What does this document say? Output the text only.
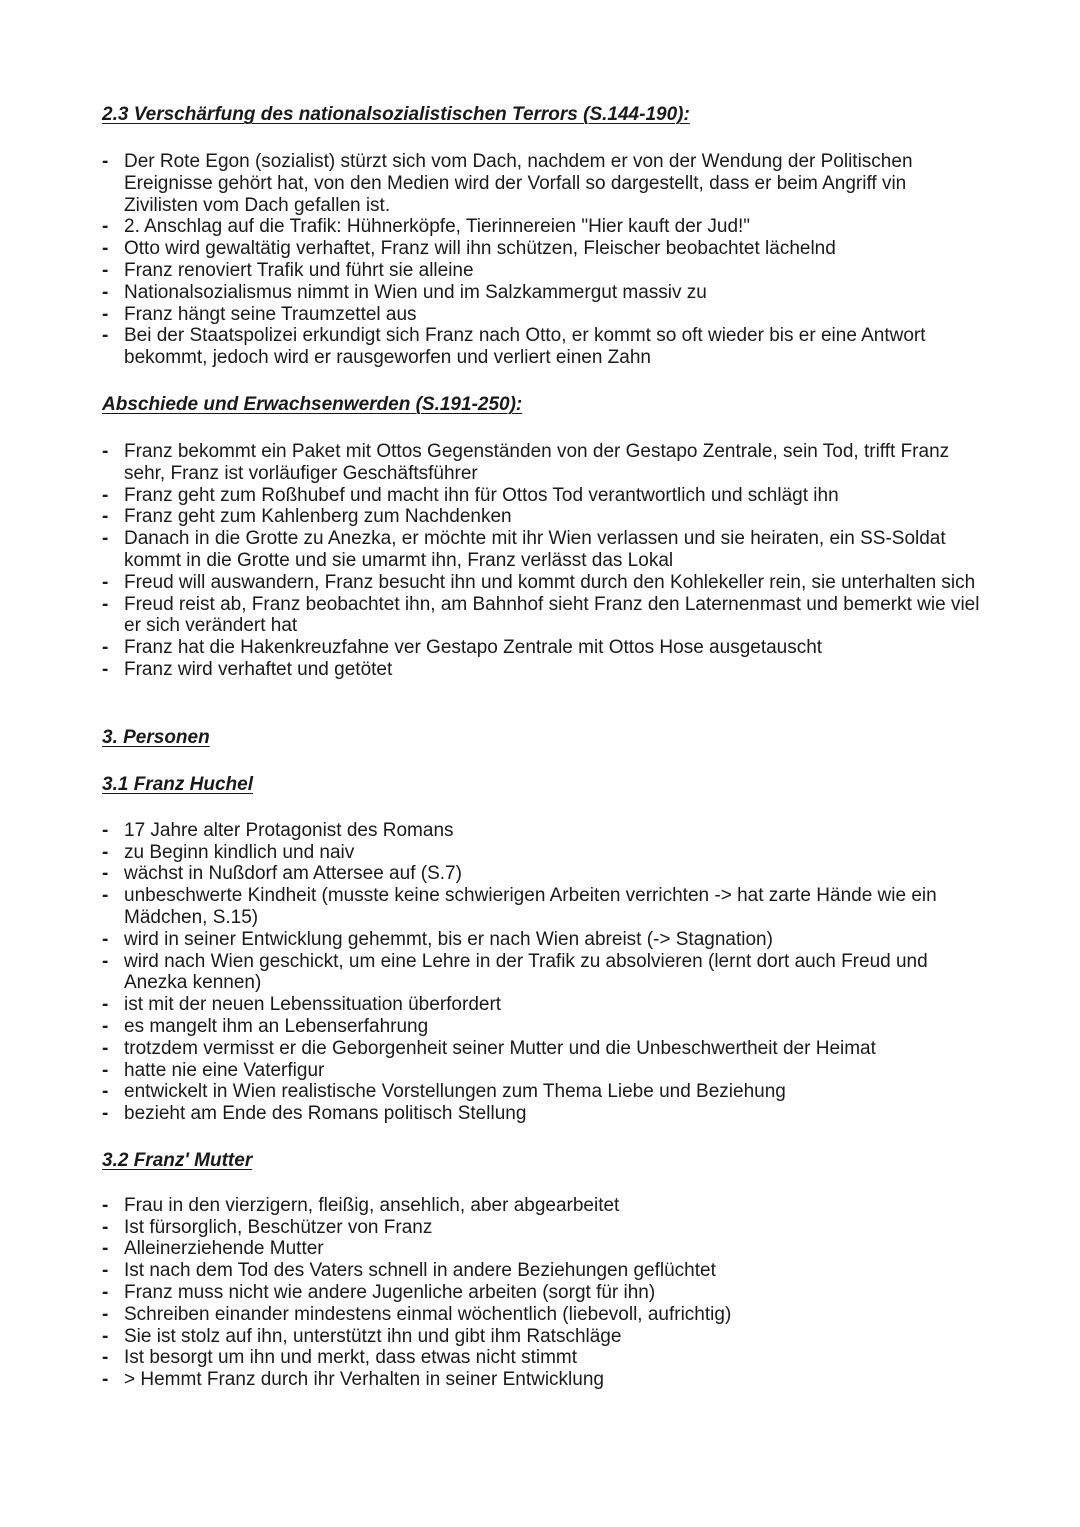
2.3 Verschärfung des nationalsozialistischen Terrors (S.144-190):
- Der Rote Egon (sozialist) stürzt sich vom Dach, nachdem er von der Wendung der Politischen Ereignisse gehört hat, von den Medien wird der Vorfall so dargestellt, dass er beim Angriff vin Zivilisten vom Dach gefallen ist.
- 2. Anschlag auf die Trafik: Hühnerköpfe, Tierinnereien "Hier kauft der Jud!"
- Otto wird gewaltätig verhaftet, Franz will ihn schützen, Fleischer beobachtet lächelnd
- Franz renoviert Trafik und führt sie alleine
- Nationalsozialismus nimmt in Wien und im Salzkammergut massiv zu
- Franz hängt seine Traumzettel aus
- Bei der Staatspolizei erkundigt sich Franz nach Otto, er kommt so oft wieder bis er eine Antwort bekommt, jedoch wird er rausgeworfen und verliert einen Zahn
Abschiede und Erwachsenwerden (S.191-250):
- Franz bekommt ein Paket mit Ottos Gegenständen von der Gestapo Zentrale, sein Tod, trifft Franz sehr, Franz ist vorläufiger Geschäftsführer
- Franz geht zum Roßhubef und macht ihn für Ottos Tod verantwortlich und schlägt ihn
- Franz geht zum Kahlenberg zum Nachdenken
- Danach in die Grotte zu Anezka, er möchte mit ihr Wien verlassen und sie heiraten, ein SS-Soldat kommt in die Grotte und sie umarmt ihn, Franz verlässt das Lokal
- Freud will auswandern, Franz besucht ihn und kommt durch den Kohlekeller rein, sie unterhalten sich
- Freud reist ab, Franz beobachtet ihn, am Bahnhof sieht Franz den Laternenmast und bemerkt wie viel er sich verändert hat
- Franz hat die Hakenkreuzfahne ver Gestapo Zentrale mit Ottos Hose ausgetauscht
- Franz wird verhaftet und getötet
3. Personen
3.1 Franz Huchel
- 17 Jahre alter Protagonist des Romans
- zu Beginn kindlich und naiv
- wächst in Nußdorf am Attersee auf (S.7)
- unbeschwerte Kindheit (musste keine schwierigen Arbeiten verrichten -> hat zarte Hände wie ein Mädchen, S.15)
- wird in seiner Entwicklung gehemmt, bis er nach Wien abreist (-> Stagnation)
- wird nach Wien geschickt, um eine Lehre in der Trafik zu absolvieren (lernt dort auch Freud und Anezka kennen)
- ist mit der neuen Lebenssituation überfordert
- es mangelt ihm an Lebenserfahrung
- trotzdem vermisst er die Geborgenheit seiner Mutter und die Unbeschwertheit der Heimat
- hatte nie eine Vaterfigur
- entwickelt in Wien realistische Vorstellungen zum Thema Liebe und Beziehung
- bezieht am Ende des Romans politisch Stellung
3.2 Franz' Mutter
- Frau in den vierzigern, fleißig, ansehlich, aber abgearbeitet
- Ist fürsorglich, Beschützer von Franz
- Alleinerziehende Mutter
- Ist nach dem Tod des Vaters schnell in andere Beziehungen geflüchtet
- Franz muss nicht wie andere Jugenliche arbeiten (sorgt für ihn)
- Schreiben einander mindestens einmal wöchentlich (liebevoll, aufrichtig)
- Sie ist stolz auf ihn, unterstützt ihn und gibt ihm Ratschläge
- Ist besorgt um ihn und merkt, dass etwas nicht stimmt
- > Hemmt Franz durch ihr Verhalten in seiner Entwicklung
